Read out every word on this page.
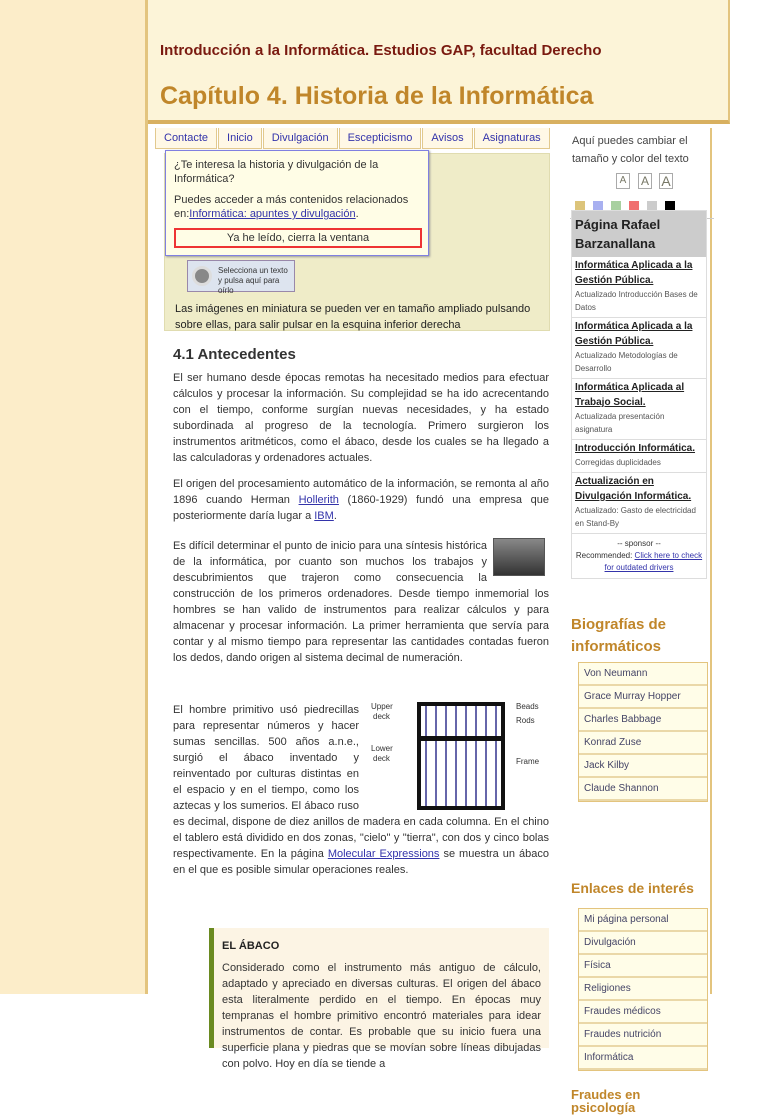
Introducción a la Informática. Estudios GAP, facultad Derecho
Capítulo 4. Historia de la Informática
Contacte	Inicio	Divulgación	Escepticismo	Avisos	Asignaturas

¿Te interesa la historia y divulgación de la Informática?

Puedes acceder a más contenidos relacionados en:Informática: apuntes y divulgación.

Ya he leído, cierra la ventana
Selecciona un texto y pulsa aquí para oírlo
Las imágenes en miniatura se pueden ver en tamaño ampliado pulsando sobre ellas, para salir pulsar en la esquina inferior derecha
4.1 Antecedentes
El ser humano desde épocas remotas ha necesitado medios para efectuar cálculos y procesar la información. Su complejidad se ha ido acrecentando con el tiempo, conforme surgían nuevas necesidades, y ha estado subordinada al progreso de la tecnología. Primero surgieron los instrumentos aritméticos, como el ábaco, desde los cuales se ha llegado a las calculadoras y ordenadores actuales.
El origen del procesamiento automático de la información, se remonta al año 1896 cuando Herman Hollerith (1860-1929) fundó una empresa que posteriormente daría lugar a IBM.
Es difícil determinar el punto de inicio para una síntesis histórica de la informática, por cuanto son muchos los trabajos y descubrimientos que trajeron como consecuencia la construcción de los primeros ordenadores. Desde tiempo inmemorial los hombres se han valido de instrumentos para realizar cálculos y para almacenar y procesar información. La primer herramienta que servía para contar y al mismo tiempo para representar las cantidades contadas fueron los dedos, dando origen al sistema decimal de numeración.
Upper
deck
Lower
deck
Beads
Rods
Frame
El hombre primitivo usó piedrecillas para representar números y hacer sumas sencillas. 500 años a.n.e., surgió el ábaco inventado y reinventado por culturas distintas en el espacio y en el tiempo, como los aztecas y los sumerios. El ábaco ruso es decimal, dispone de diez anillos de madera en cada columna. En el chino el tablero está dividido en dos zonas, "cielo" y "tierra", con dos y cinco bolas respectivamente. En la página Molecular Expressions se muestra un ábaco en el que es posible simular operaciones reales.
EL ÁBACO
Considerado como el instrumento más antiguo de cálculo, adaptado y apreciado en diversas culturas. El origen del ábaco esta literalmente perdido en el tiempo. En épocas muy tempranas el hombre primitivo encontró materiales para idear instrumentos de contar. Es probable que su inicio fuera una superficie plana y piedras que se movían sobre líneas dibujadas con polvo. Hoy en día se tiende a
Aquí puedes cambiar el tamaño y color del texto
A	A A
Página Rafael Barzanallana
Informática Aplicada a la Gestión Pública.
Actualizado Introducción Bases de Datos
Informática Aplicada a la Gestión Pública.
Actualizado Metodologías de Desarrollo
Informática Aplicada al Trabajo Social.
Actualizada presentación asignatura
Introducción Informática.
Corregidas duplicidades
Actualización en Divulgación Informática.
Actualizado: Gasto de electricidad en Stand-By
-- sponsor --
Recommended: Click here to check for outdated drivers
Biografías de informáticos
Von Neumann
Grace Murray Hopper
Charles Babbage
Konrad Zuse
Jack Kilby
Claude Shannon
Enlaces de interés
Mi página personal
Divulgación
Física
Religiones
Fraudes médicos
Fraudes nutrición
Informática
Fraudes en psicología
